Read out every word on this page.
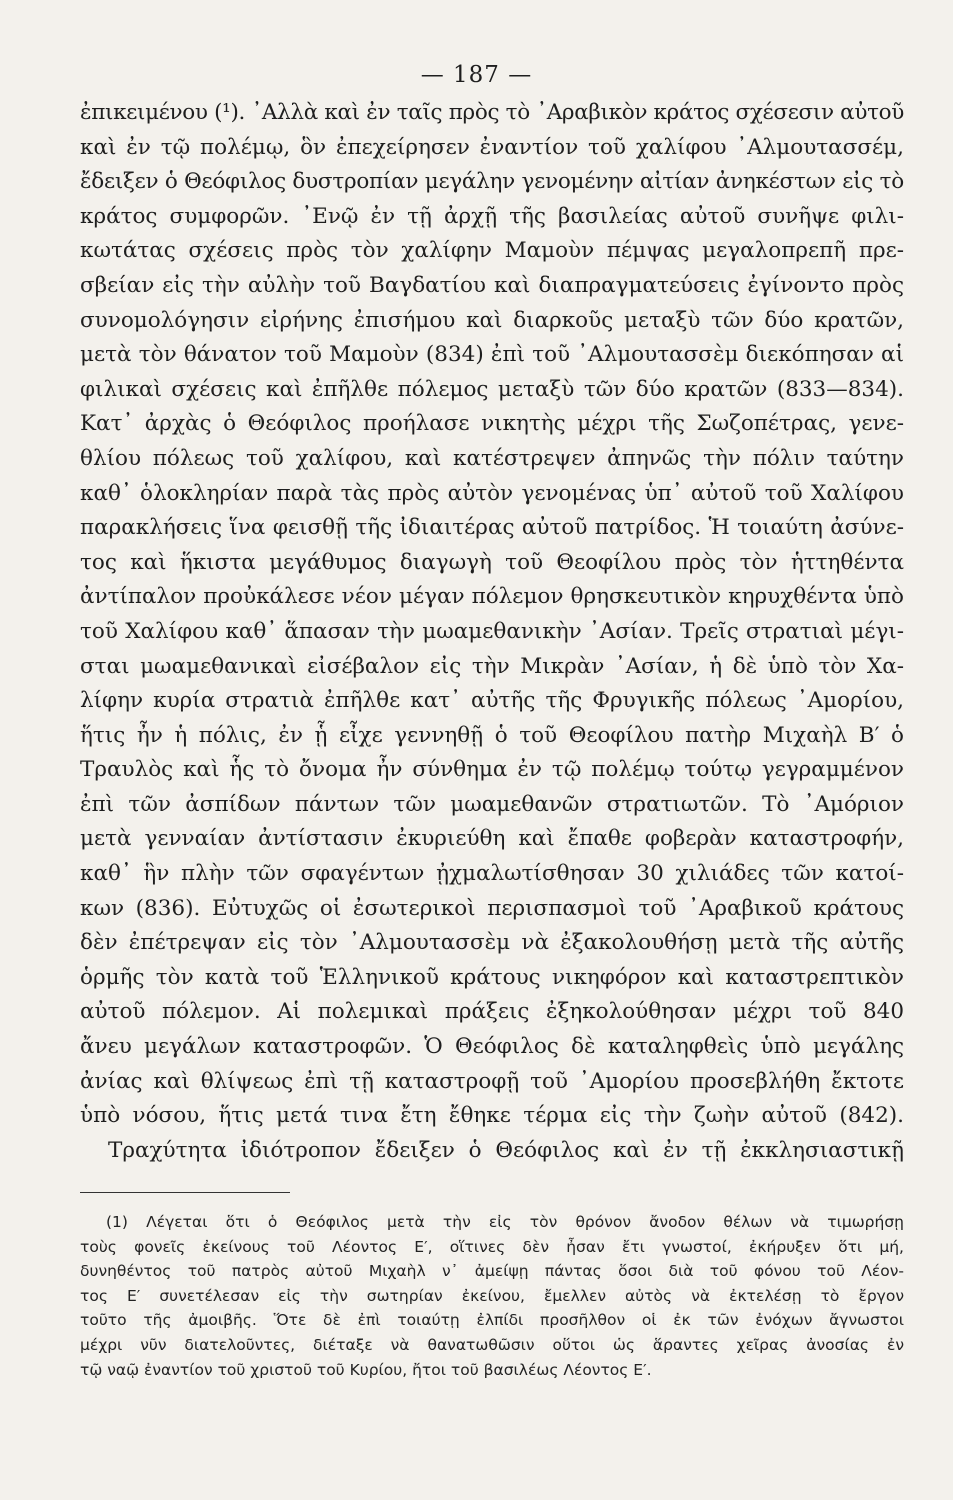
— 187 —
ἐπικειμένου (¹). ᾿Αλλὰ καὶ ἐν ταῖς πρὸς τὸ ᾿Αραβικὸν κράτος σχέσεσιν αὐτοῦ
καὶ ἐν τῷ πολέμῳ, ὃν ἐπεχείρησεν ἐναντίον τοῦ χαλίφου ᾿Αλμουτασσέμ,
ἔδειξεν ὁ Θεόφιλος δυστροπίαν μεγάλην γενομένην αἰτίαν ἀνηκέστων εἰς τὸ
κράτος συμφορῶν. ᾿Ενῷ ἐν τῇ ἀρχῇ τῆς βασιλείας αὐτοῦ συνῆψε φιλι-
κωτάτας σχέσεις πρὸς τὸν χαλίφην Μαμοὺν πέμψας μεγαλοπρεπῆ πρε-
σβείαν εἰς τὴν αὐλὴν τοῦ Βαγδατίου καὶ διαπραγματεύσεις ἐγίνοντο πρὸς
συνομολόγησιν εἰρήνης ἐπισήμου καὶ διαρκοῦς μεταξὺ τῶν δύο κρατῶν,
μετὰ τὸν θάνατον τοῦ Μαμοὺν (834) ἐπὶ τοῦ ᾿Αλμουτασσὲμ διεκόπησαν αἱ
φιλικαὶ σχέσεις καὶ ἐπῆλθε πόλεμος μεταξὺ τῶν δύο κρατῶν (833—834).
Κατ᾿ ἀρχὰς ὁ Θεόφιλος προήλασε νικητὴς μέχρι τῆς Σωζοπέτρας, γενε-
θλίου πόλεως τοῦ χαλίφου, καὶ κατέστρεψεν ἀπηνῶς τὴν πόλιν ταύτην
καθ᾿ ὁλοκληρίαν παρὰ τὰς πρὸς αὐτὸν γενομένας ὑπ᾿ αὐτοῦ τοῦ Χαλίφου
παρακλήσεις ἵνα φεισθῇ τῆς ἰδιαιτέρας αὐτοῦ πατρίδος. Ἡ τοιαύτη ἀσύνε-
τος καὶ ἥκιστα μεγάθυμος διαγωγὴ τοῦ Θεοφίλου πρὸς τὸν ἡττηθέντα
ἀντίπαλον προὐκάλεσε νέον μέγαν πόλεμον θρησκευτικὸν κηρυχθέντα ὑπὸ
τοῦ Χαλίφου καθ᾿ ἅπασαν τὴν μωαμεθανικὴν ᾿Ασίαν. Τρεῖς στρατιαὶ μέγι-
σται μωαμεθανικαὶ εἰσέβαλον εἰς τὴν Μικρὰν ᾿Ασίαν, ἡ δὲ ὑπὸ τὸν Χα-
λίφην κυρία στρατιὰ ἐπῆλθε κατ᾿ αὐτῆς τῆς Φρυγικῆς πόλεως ᾿Αμορίου,
ἥτις ἦν ἡ πόλις, ἐν ᾗ εἶχε γεννηθῇ ὁ τοῦ Θεοφίλου πατὴρ Μιχαὴλ Β′ ὁ
Τραυλὸς καὶ ἧς τὸ ὄνομα ἦν σύνθημα ἐν τῷ πολέμῳ τούτῳ γεγραμμένον
ἐπὶ τῶν ἀσπίδων πάντων τῶν μωαμεθανῶν στρατιωτῶν. Τὸ ᾿Αμόριον
μετὰ γενναίαν ἀντίστασιν ἐκυριεύθη καὶ ἔπαθε φοβερὰν καταστροφήν,
καθ᾿ ἣν πλὴν τῶν σφαγέντων ᾐχμαλωτίσθησαν 30 χιλιάδες τῶν κατοί-
κων (836). Εὐτυχῶς οἱ ἐσωτερικοὶ περισπασμοὶ τοῦ ᾿Αραβικοῦ κράτους
δὲν ἐπέτρεψαν εἰς τὸν ᾿Αλμουτασσὲμ νὰ ἐξακολουθήσῃ μετὰ τῆς αὐτῆς
ὁρμῆς τὸν κατὰ τοῦ Ἑλληνικοῦ κράτους νικηφόρον καὶ καταστρεπτικὸν
αὐτοῦ πόλεμον. Αἱ πολεμικαὶ πράξεις ἐξηκολούθησαν μέχρι τοῦ 840
ἄνευ μεγάλων καταστροφῶν. Ὁ Θεόφιλος δὲ καταληφθεὶς ὑπὸ μεγάλης
ἀνίας καὶ θλίψεως ἐπὶ τῇ καταστροφῇ τοῦ ᾿Αμορίου προσεβλήθη ἔκτοτε
ὑπὸ νόσου, ἥτις μετά τινα ἔτη ἔθηκε τέρμα εἰς τὴν ζωὴν αὐτοῦ (842).
Τραχύτητα ἰδιότροπον ἔδειξεν ὁ Θεόφιλος καὶ ἐν τῇ ἐκκλησιαστικῇ
(1) Λέγεται ὅτι ὁ Θεόφιλος μετὰ τὴν εἰς τὸν θρόνον ἄνοδον θέλων νὰ τιμωρήσῃ
τοὺς φονεῖς ἐκείνους τοῦ Λέοντος Ε′, οἵτινες δὲν ἦσαν ἔτι γνωστοί, ἐκήρυξεν ὅτι μή,
δυνηθέντος τοῦ πατρὸς αὐτοῦ Μιχαὴλ ν᾿ ἀμείψῃ πάντας ὅσοι διὰ τοῦ φόνου τοῦ Λέον-
τος Ε′ συνετέλεσαν εἰς τὴν σωτηρίαν ἐκείνου, ἔμελλεν αὐτὸς νὰ ἐκτελέσῃ τὸ ἔργον
τοῦτο τῆς ἀμοιβῆς. Ὅτε δὲ ἐπὶ τοιαύτῃ ἐλπίδι προσῆλθον οἱ ἐκ τῶν ἐνόχων ἄγνωστοι
μέχρι νῦν διατελοῦντες, διέταξε νὰ θανατωθῶσιν οὕτοι ὡς ἅραντες χεῖρας ἀνοσίας ἐν
τῷ ναῷ ἐναντίον τοῦ χριστοῦ τοῦ Κυρίου, ἤτοι τοῦ βασιλέως Λέοντος Ε′.
